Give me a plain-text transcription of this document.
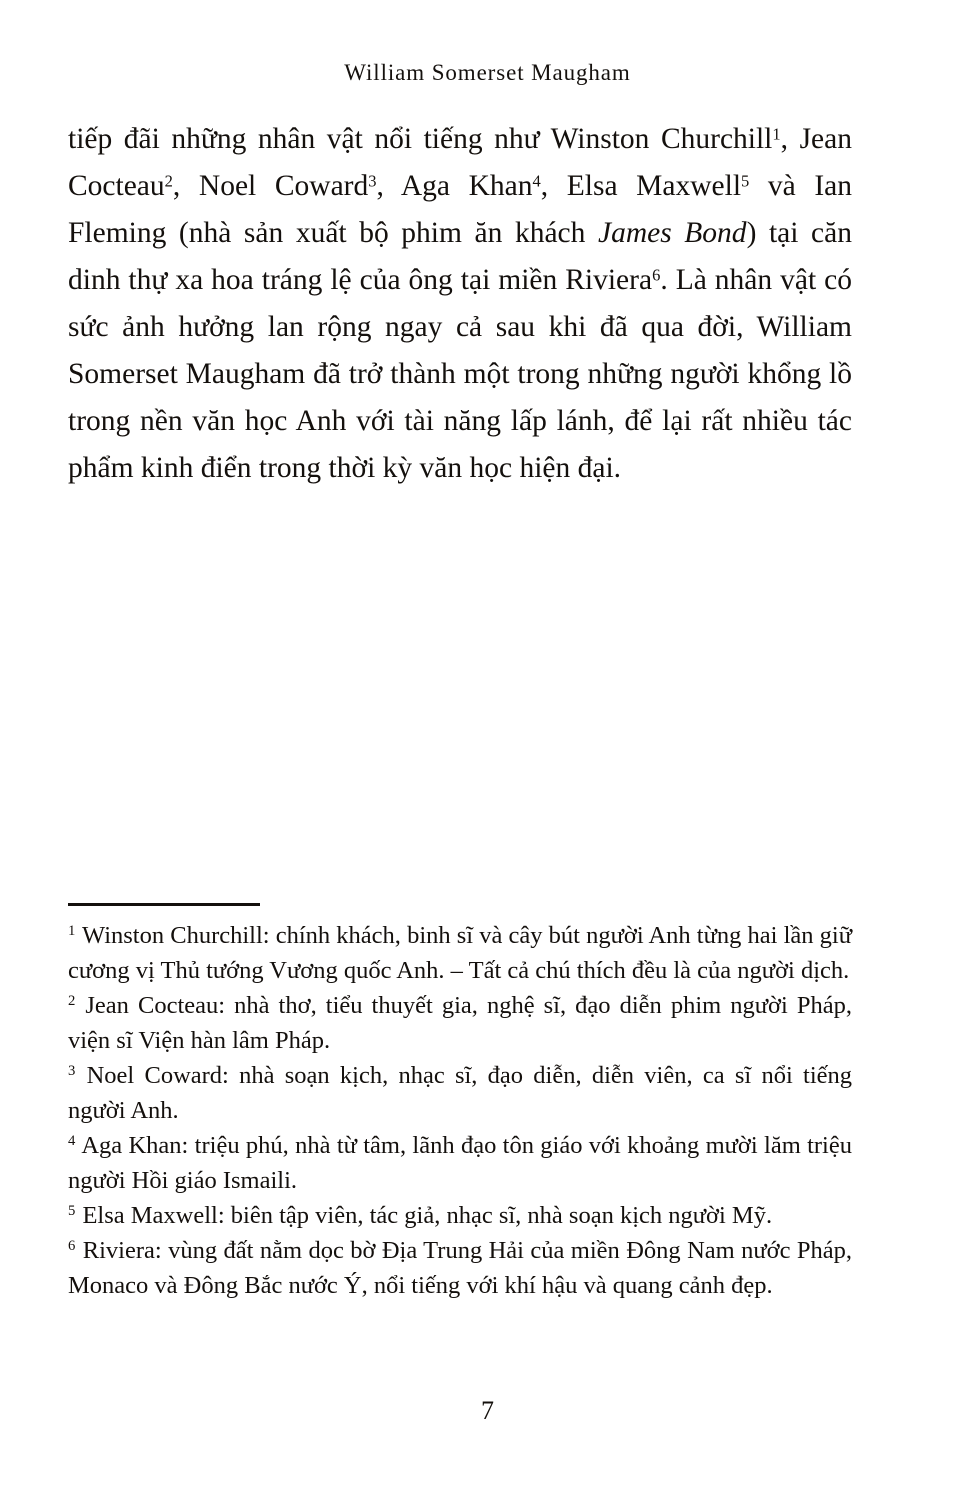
William Somerset Maugham

tiếp đãi những nhân vật nổi tiếng như Winston Churchill$^1$, Jean Cocteau$^2$, Noel Coward$^3$, Aga Khan$^4$, Elsa Maxwell$^5$ và Ian Fleming (nhà sản xuất bộ phim ăn khách James Bond) tại căn dinh thự xa hoa tráng lệ của ông tại miền Riviera$^6$. Là nhân vật có sức ảnh hưởng lan rộng ngay cả sau khi đã qua đời, William Somerset Maugham đã trở thành một trong những người khổng lồ trong nền văn học Anh với tài năng lấp lánh, để lại rất nhiều tác phẩm kinh điển trong thời kỳ văn học hiện đại.

$^1$ Winston Churchill: chính khách, binh sĩ và cây bút người Anh từng hai lần giữ cương vị Thủ tướng Vương quốc Anh. – Tất cả chú thích đều là của người dịch.

$^2$ Jean Cocteau: nhà thơ, tiểu thuyết gia, nghệ sĩ, đạo diễn phim người Pháp, viện sĩ Viện hàn lâm Pháp.

$^3$ Noel Coward: nhà soạn kịch, nhạc sĩ, đạo diễn, diễn viên, ca sĩ nổi tiếng người Anh.

$^4$ Aga Khan: triệu phú, nhà từ tâm, lãnh đạo tôn giáo với khoảng mười lăm triệu người Hồi giáo Ismaili.

$^5$ Elsa Maxwell: biên tập viên, tác giả, nhạc sĩ, nhà soạn kịch người Mỹ.

$^6$ Riviera: vùng đất nằm dọc bờ Địa Trung Hải của miền Đông Nam nước Pháp, Monaco và Đông Bắc nước Ý, nổi tiếng với khí hậu và quang cảnh đẹp.

7
